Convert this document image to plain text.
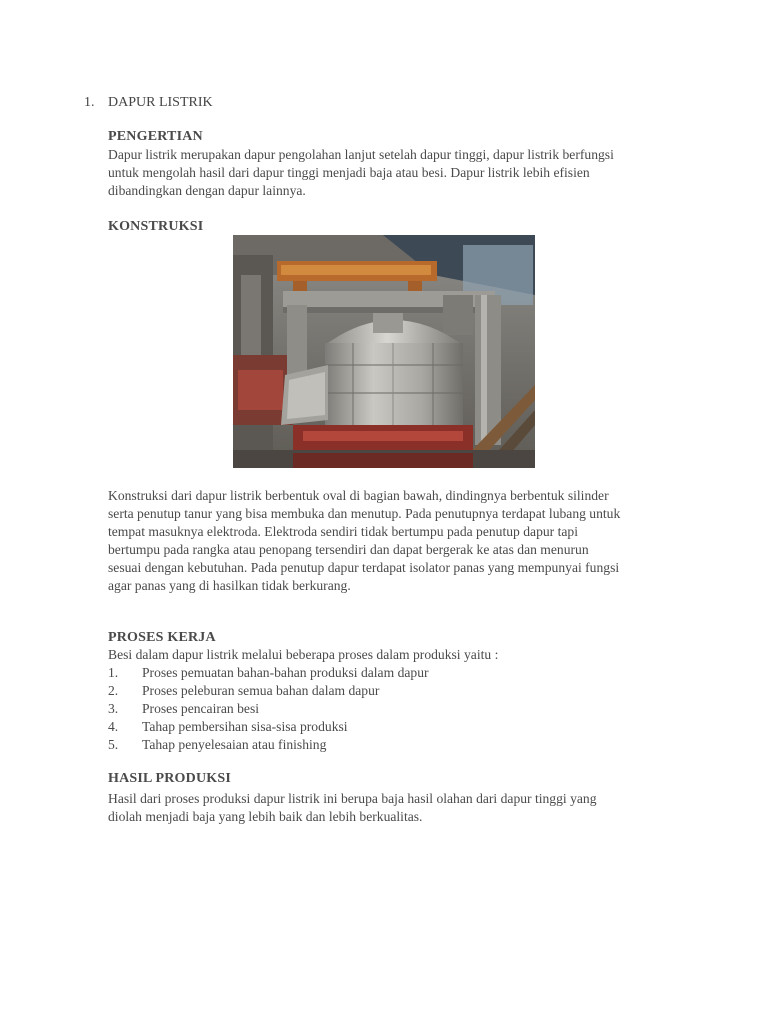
1. DAPUR LISTRIK
PENGERTIAN

Dapur listrik merupakan dapur pengolahan lanjut setelah dapur tinggi, dapur listrik berfungsi
untuk mengolah hasil dari dapur tinggi menjadi baja atau besi. Dapur listrik lebih efisien
dibandingkan dengan dapur lainnya.

KONSTRUKSI

Konstruksi dari dapur listrik berbentuk oval di bagian bawah, dindingnya berbentuk silinder
serta penutup tanur yang bisa membuka dan menutup. Pada penutupnya terdapat lubang untuk
tempat masuknya elektroda. Elektroda sendiri tidak bertumpu pada penutup dapur tapi
bertumpu pada rangka atau penopang tersendiri dan dapat bergerak ke atas dan menurun
sesuai dengan kebutuhan. Pada penutup dapur terdapat isolator panas yang mempunyai fungsi
agar panas yang di hasilkan tidak berkurang.

PROSES KERJA

Besi dalam dapur listrik melalui beberapa proses dalam produksi yaitu :

1. Proses pemuatan bahan-bahan produksi dalam dapur
2. Proses peleburan semua bahan dalam dapur
3. Proses pencairan besi
4. Tahap pembersihan sisa-sisa produksi
5. Tahap penyelesaian atau finishing
HASIL PRODUKSI

Hasil dari proses produksi dapur listrik ini berupa baja hasil olahan dari dapur tinggi yang
diolah menjadi baja yang lebih baik dan lebih berkualitas.
